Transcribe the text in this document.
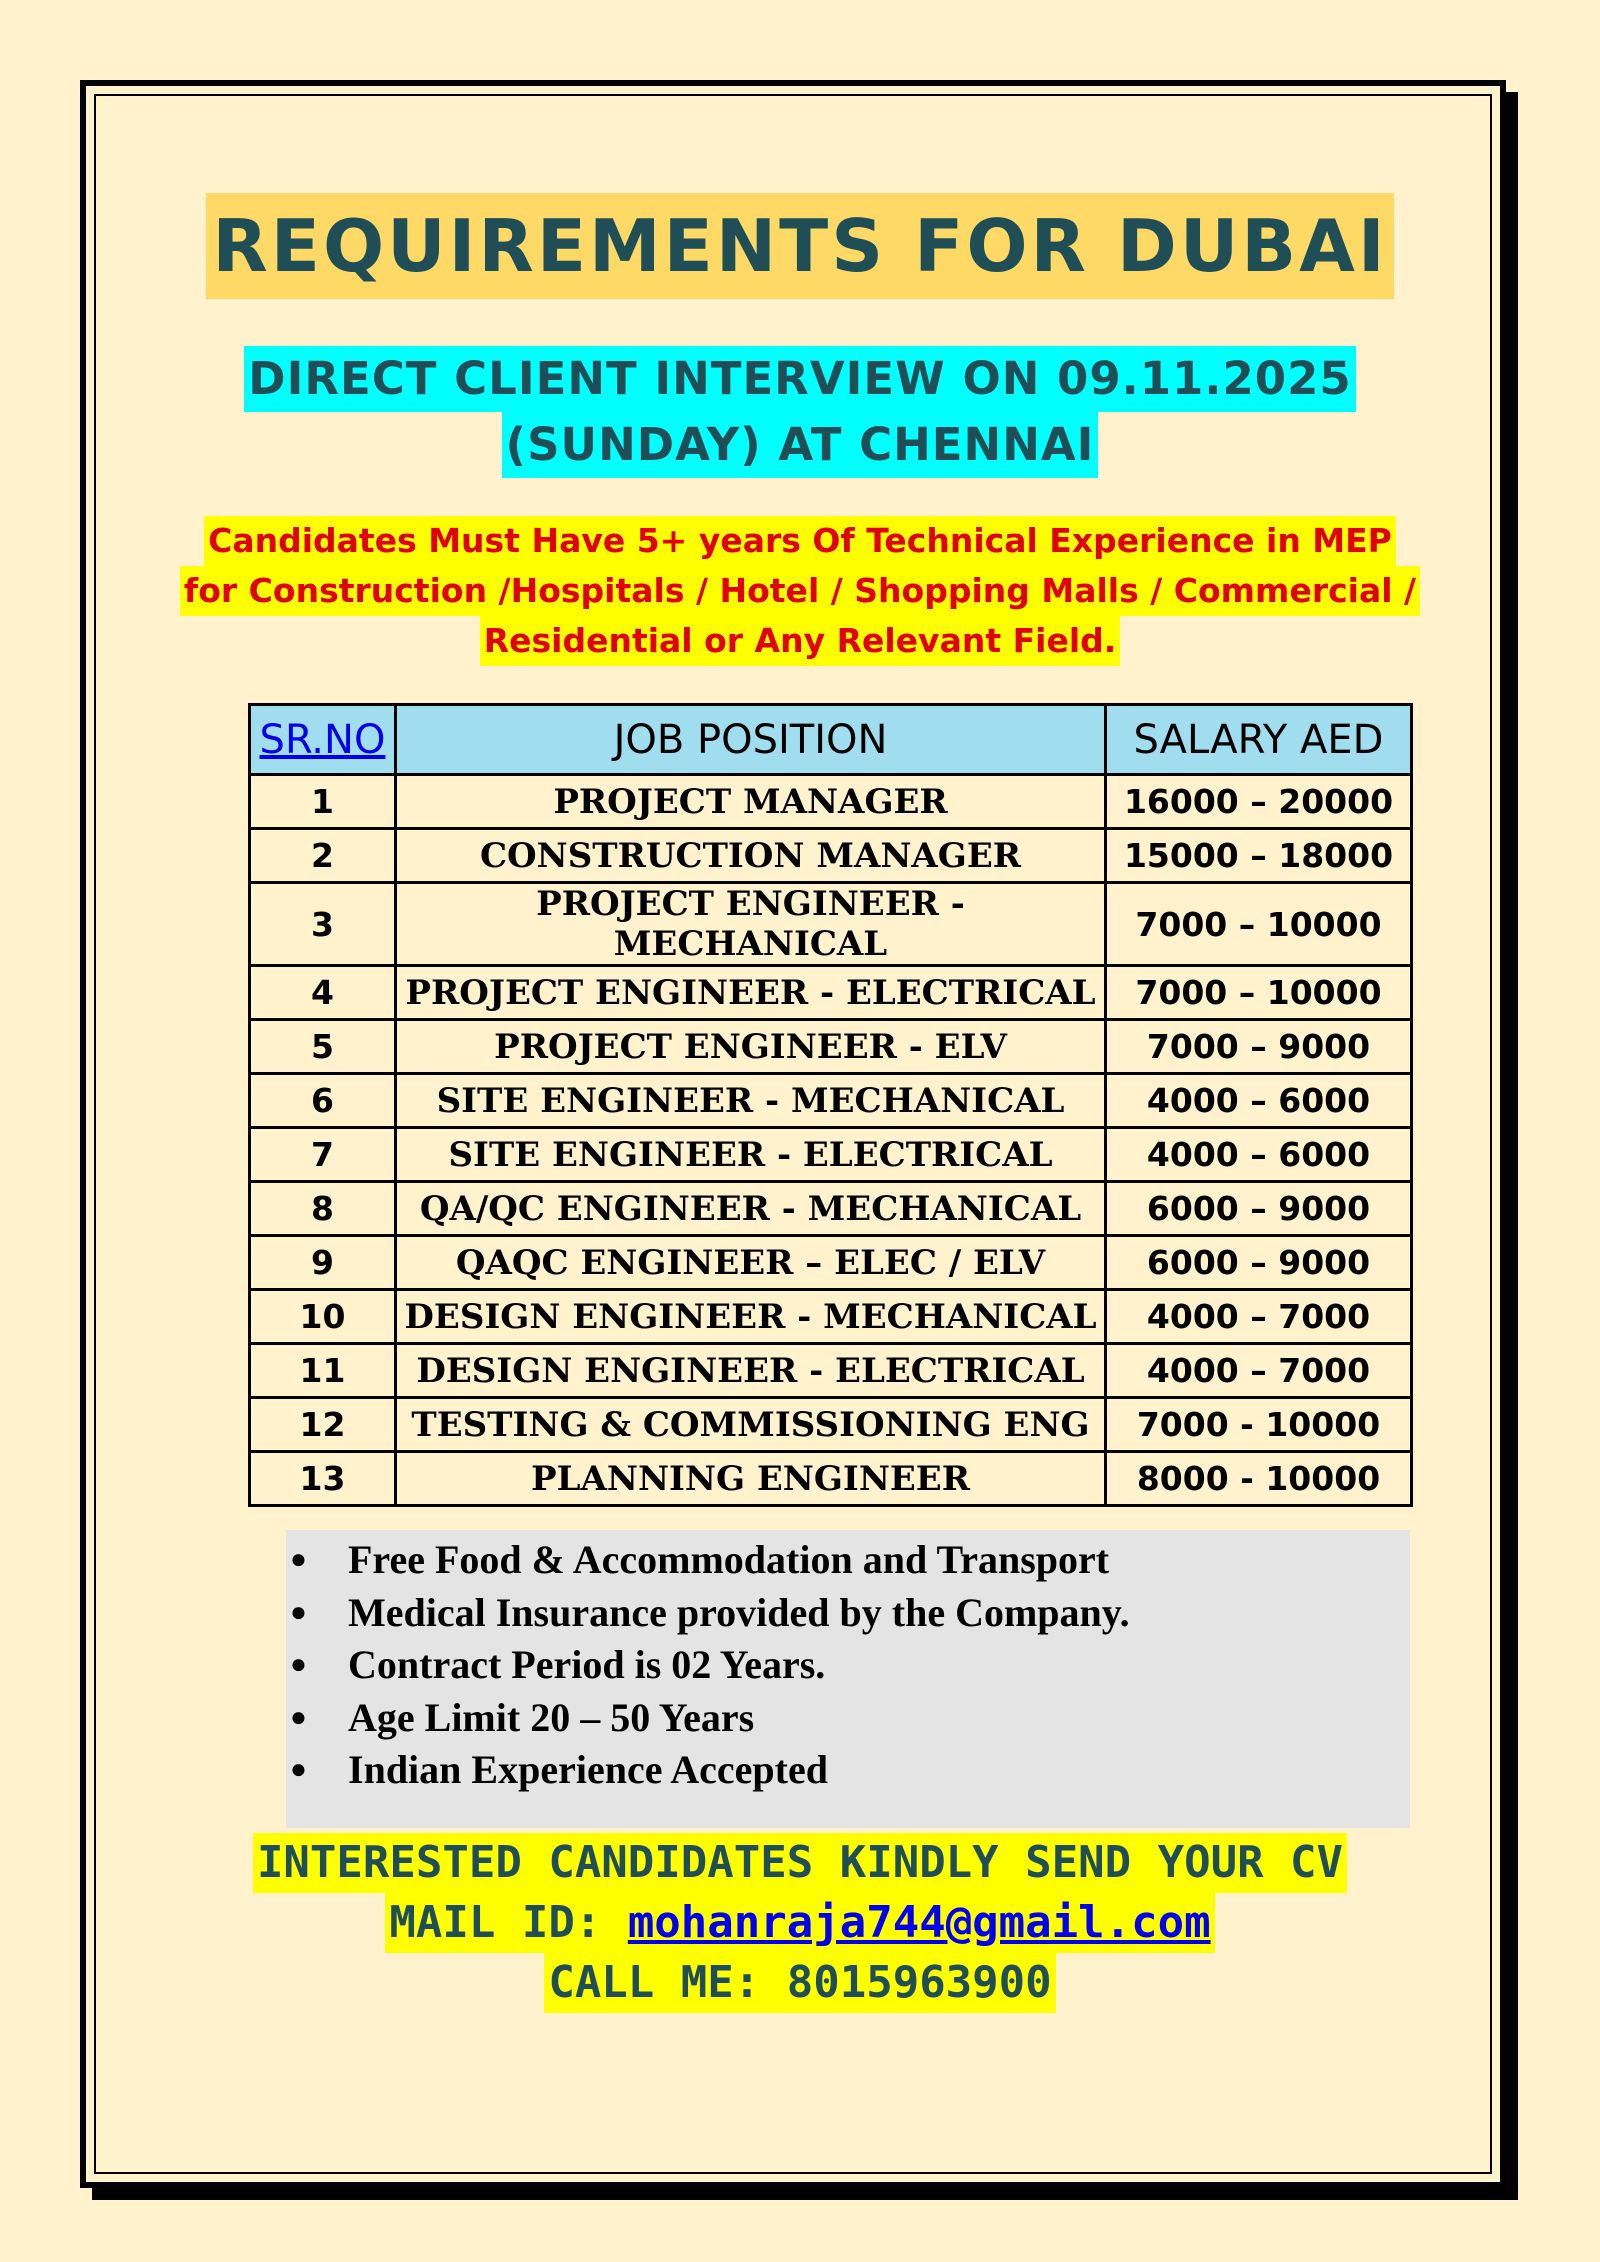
REQUIREMENTS FOR DUBAI
DIRECT CLIENT INTERVIEW ON 09.11.2025
(SUNDAY) AT CHENNAI
Candidates Must Have 5+ years Of Technical Experience in MEP
for Construction /Hospitals / Hotel / Shopping Malls / Commercial /
Residential or Any Relevant Field.
SR.NO	JOB POSITION	SALARY AED
1	PROJECT MANAGER	16000 – 20000
2	CONSTRUCTION MANAGER	15000 – 18000
3	PROJECT ENGINEER - MECHANICAL	7000 – 10000
4	PROJECT ENGINEER - ELECTRICAL	7000 – 10000
5	PROJECT ENGINEER - ELV	7000 – 9000
6	SITE ENGINEER - MECHANICAL	4000 – 6000
7	SITE ENGINEER - ELECTRICAL	4000 – 6000
8	QA/QC ENGINEER - MECHANICAL	6000 – 9000
9	QAQC ENGINEER – ELEC / ELV	6000 – 9000
10	DESIGN ENGINEER - MECHANICAL	4000 – 7000
11	DESIGN ENGINEER - ELECTRICAL	4000 – 7000
12	TESTING & COMMISSIONING ENG	7000 - 10000
13	PLANNING ENGINEER	8000 - 10000
● Free Food & Accommodation and Transport
● Medical Insurance provided by the Company.
● Contract Period is 02 Years.
● Age Limit 20 – 50 Years
● Indian Experience Accepted
INTERESTED CANDIDATES KINDLY SEND YOUR CV
MAIL ID: mohanraja744@gmail.com
CALL ME: 8015963900
